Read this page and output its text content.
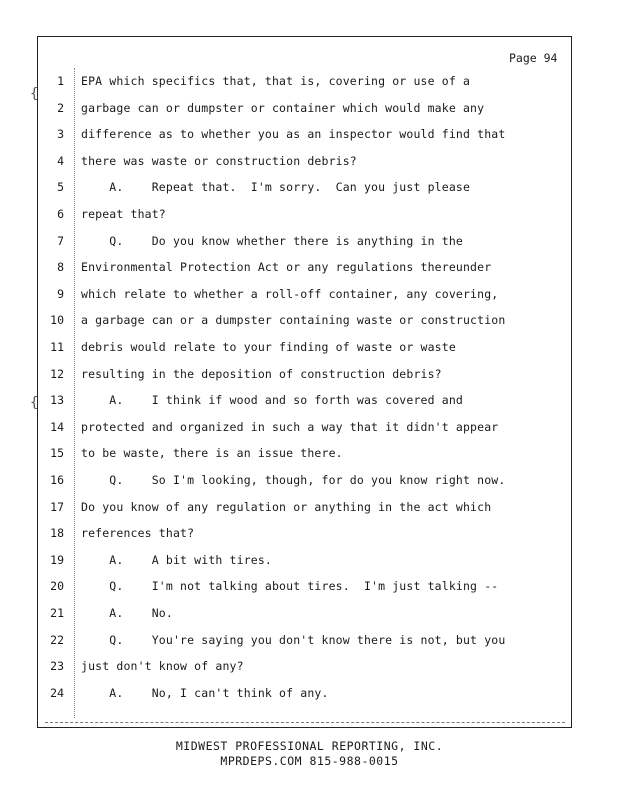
{
{
Page 94
1 EPA which specifics that, that is, covering or use of a
2 garbage can or dumpster or container which would make any
3 difference as to whether you as an inspector would find that
4 there was waste or construction debris?
5 A.    Repeat that.  I'm sorry.  Can you just please
6 repeat that?
7 Q.    Do you know whether there is anything in the
8 Environmental Protection Act or any regulations thereunder
9 which relate to whether a roll-off container, any covering,
10 a garbage can or a dumpster containing waste or construction
11 debris would relate to your finding of waste or waste
12 resulting in the deposition of construction debris?
13 A.    I think if wood and so forth was covered and
14 protected and organized in such a way that it didn't appear
15 to be waste, there is an issue there.
16 Q.    So I'm looking, though, for do you know right now.
17 Do you know of any regulation or anything in the act which
18 references that?
19 A.    A bit with tires.
20 Q.    I'm not talking about tires.  I'm just talking --
21 A.    No.
22 Q.    You're saying you don't know there is not, but you
23 just don't know of any?
24 A.    No, I can't think of any.
MIDWEST PROFESSIONAL REPORTING, INC.
MPRDEPS.COM 815-988-0015
